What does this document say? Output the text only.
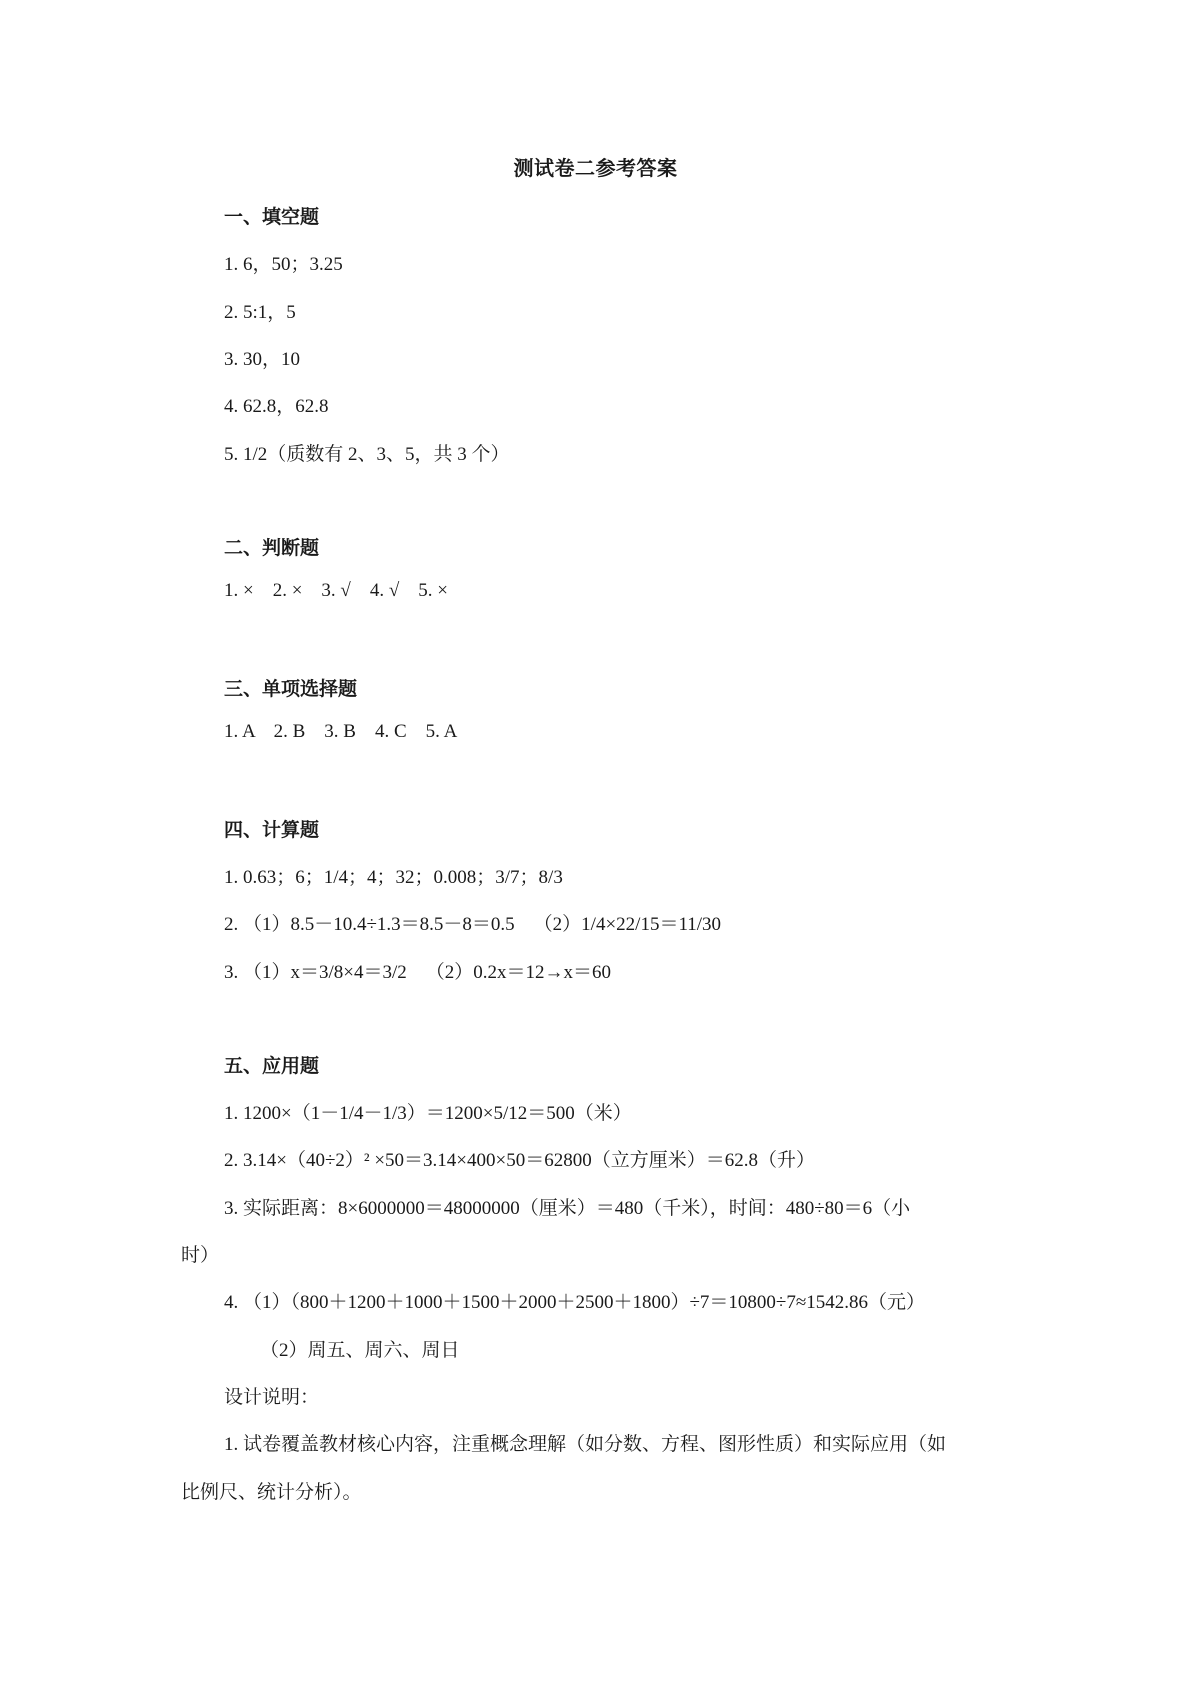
测试卷二参考答案
一、填空题
1. 6，50；3.25
2. 5:1，5
3. 30，10
4. 62.8，62.8
5. 1/2（质数有 2、3、5，共 3 个）
二、判断题
1. ×    2. ×    3. √    4. √    5. ×
三、单项选择题
1. A    2. B    3. B    4. C    5. A
四、计算题
1. 0.63；6；1/4；4；32；0.008；3/7；8/3
2. （1）8.5－10.4÷1.3＝8.5－8＝0.5    （2）1/4×22/15＝11/30
3. （1）x＝3/8×4＝3/2    （2）0.2x＝12→x＝60
五、应用题
1. 1200×（1－1/4－1/3）＝1200×5/12＝500（米）
2. 3.14×（40÷2）² ×50＝3.14×400×50＝62800（立方厘米）＝62.8（升）
3. 实际距离：8×6000000＝48000000（厘米）＝480（千米），时间：480÷80＝6（小
时）
4. （1）（800＋1200＋1000＋1500＋2000＋2500＋1800）÷7＝10800÷7≈1542.86（元）
（2）周五、周六、周日
设计说明：
1. 试卷覆盖教材核心内容，注重概念理解（如分数、方程、图形性质）和实际应用（如
比例尺、统计分析）。
